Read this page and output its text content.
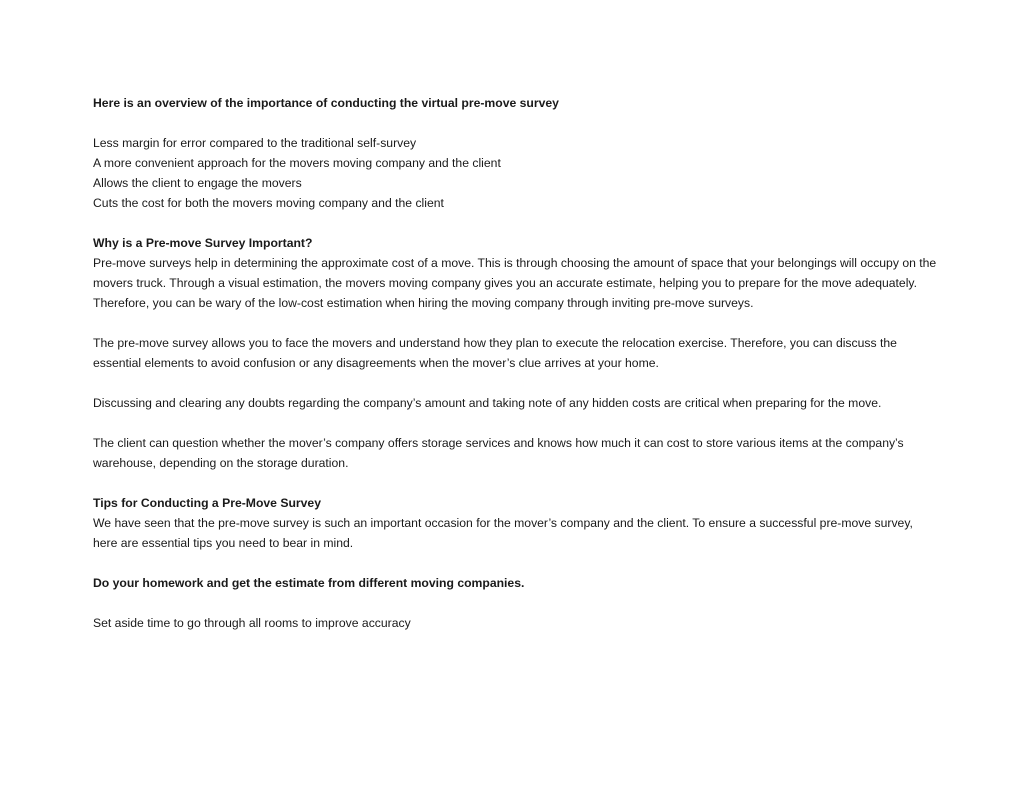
Here is an overview of the importance of conducting the virtual pre-move survey
Less margin for error compared to the traditional self-survey
A more convenient approach for the movers moving company and the client
Allows the client to engage the movers
Cuts the cost for both the movers moving company and the client
Why is a Pre-move Survey Important?
Pre-move surveys help in determining the approximate cost of a move. This is through choosing the amount of space that your belongings will occupy on the movers truck. Through a visual estimation, the movers moving company gives you an accurate estimate, helping you to prepare for the move adequately. Therefore, you can be wary of the low-cost estimation when hiring the moving company through inviting pre-move surveys.
The pre-move survey allows you to face the movers and understand how they plan to execute the relocation exercise. Therefore, you can discuss the essential elements to avoid confusion or any disagreements when the mover’s clue arrives at your home.
Discussing and clearing any doubts regarding the company’s amount and taking note of any hidden costs are critical when preparing for the move.
The client can question whether the mover’s company offers storage services and knows how much it can cost to store various items at the company’s warehouse, depending on the storage duration.
Tips for Conducting a Pre-Move Survey
We have seen that the pre-move survey is such an important occasion for the mover’s company and the client. To ensure a successful pre-move survey, here are essential tips you need to bear in mind.
Do your homework and get the estimate from different moving companies.
Set aside time to go through all rooms to improve accuracy
